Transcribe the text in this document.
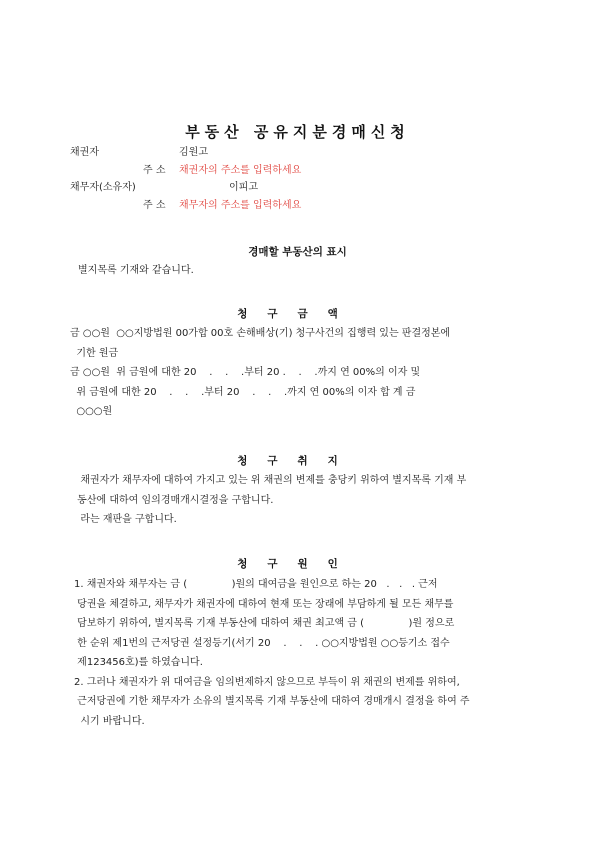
부동산 공유지분경매신청
채권자	김원고
주 소 채권자의 주소를 입력하세요
채무자(소유자)	이피고
주 소 채무자의 주소를 입력하세요
경매할 부동산의 표시
별지목록 기재와 같습니다.
청구금액
금 ○○원  ○○지방법원 00가합 00호 손해배상(기) 청구사건의 집행력 있는 판결정본에
기한 원금
금 ○○원  위 금원에 대한 20    .    .    .부터 20 .    .    .까지 연 00%의 이자 및
위 금원에 대한 20    .    .    .부터 20    .    .    .까지 연 00%의 이자 합 계 금
○○○원
청구취지
채권자가 채무자에 대하여 가지고 있는 위 채권의 변제를 충당키 위하여 별지목록 기재 부
동산에 대하여 임의경매개시결정을 구합니다.
라는 재판을 구합니다.
청구원인
1. 채권자와 채무자는 금 (              )원의 대여금을 원인으로 하는 20   .   .   . 근저
당권을 체결하고, 채무자가 채권자에 대하여 현재 또는 장래에 부담하게 될 모든 채무를
담보하기 위하여, 별지목록 기재 부동산에 대하여 채권 최고액 금 (              )원 정으로
한 순위 제1번의 근저당권 설정등기(서기 20    .    .    . ○○지방법원 ○○등기소 접수
제123456호)를 하였습니다.
2. 그러나 채권자가 위 대여금을 임의변제하지 않으므로 부득이 위 채권의 변제를 위하여,
근저당권에 기한 채무자가 소유의 별지목록 기재 부동산에 대하여 경매개시 결정을 하여 주
시기 바랍니다.
